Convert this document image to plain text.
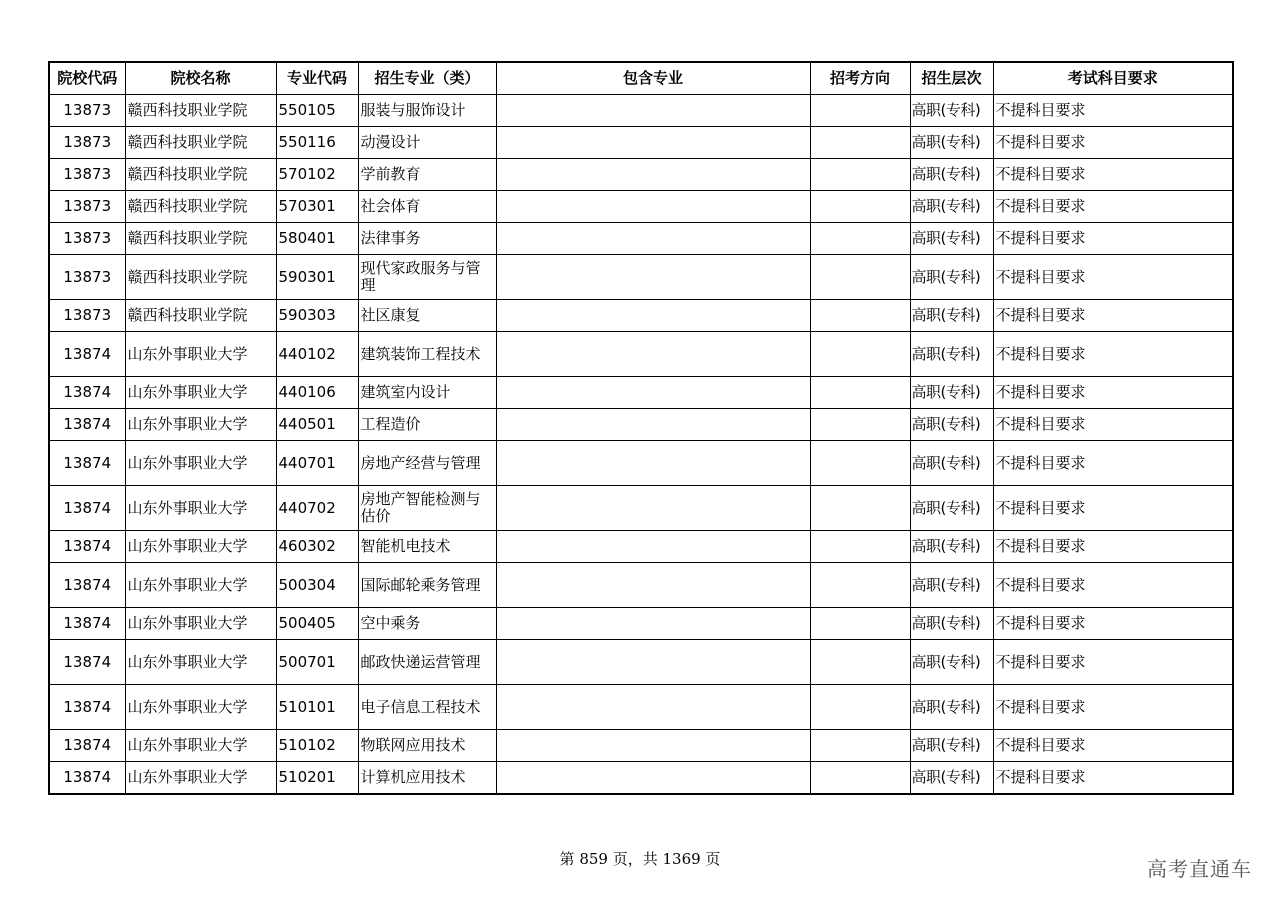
院校代码	院校名称	专业代码	招生专业（类）	包含专业	招考方向	招生层次	考试科目要求
13873	赣西科技职业学院	550105	服装与服饰设计			高职(专科)	不提科目要求
13873	赣西科技职业学院	550116	动漫设计			高职(专科)	不提科目要求
13873	赣西科技职业学院	570102	学前教育			高职(专科)	不提科目要求
13873	赣西科技职业学院	570301	社会体育			高职(专科)	不提科目要求
13873	赣西科技职业学院	580401	法律事务			高职(专科)	不提科目要求
13873	赣西科技职业学院	590301	现代家政服务与管理			高职(专科)	不提科目要求
13873	赣西科技职业学院	590303	社区康复			高职(专科)	不提科目要求
13874	山东外事职业大学	440102	建筑装饰工程技术			高职(专科)	不提科目要求
13874	山东外事职业大学	440106	建筑室内设计			高职(专科)	不提科目要求
13874	山东外事职业大学	440501	工程造价			高职(专科)	不提科目要求
13874	山东外事职业大学	440701	房地产经营与管理			高职(专科)	不提科目要求
13874	山东外事职业大学	440702	房地产智能检测与估价			高职(专科)	不提科目要求
13874	山东外事职业大学	460302	智能机电技术			高职(专科)	不提科目要求
13874	山东外事职业大学	500304	国际邮轮乘务管理			高职(专科)	不提科目要求
13874	山东外事职业大学	500405	空中乘务			高职(专科)	不提科目要求
13874	山东外事职业大学	500701	邮政快递运营管理			高职(专科)	不提科目要求
13874	山东外事职业大学	510101	电子信息工程技术			高职(专科)	不提科目要求
13874	山东外事职业大学	510102	物联网应用技术			高职(专科)	不提科目要求
13874	山东外事职业大学	510201	计算机应用技术			高职(专科)	不提科目要求
第 859 页，共 1369 页	高考直通车
